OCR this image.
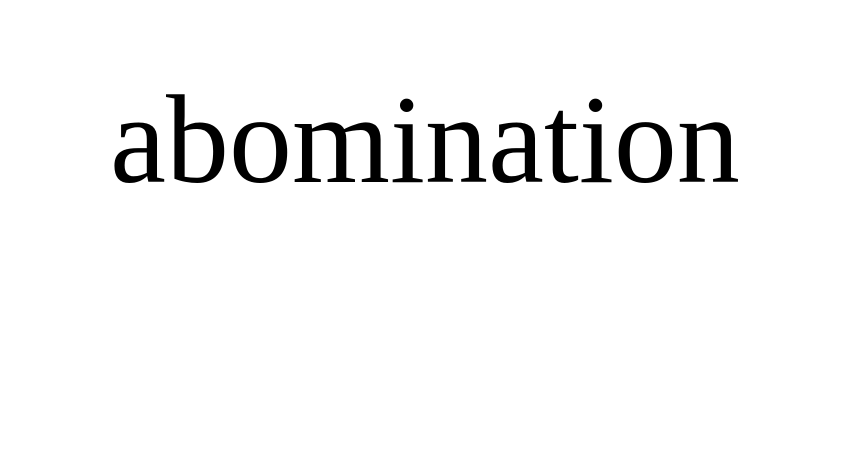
abomination
